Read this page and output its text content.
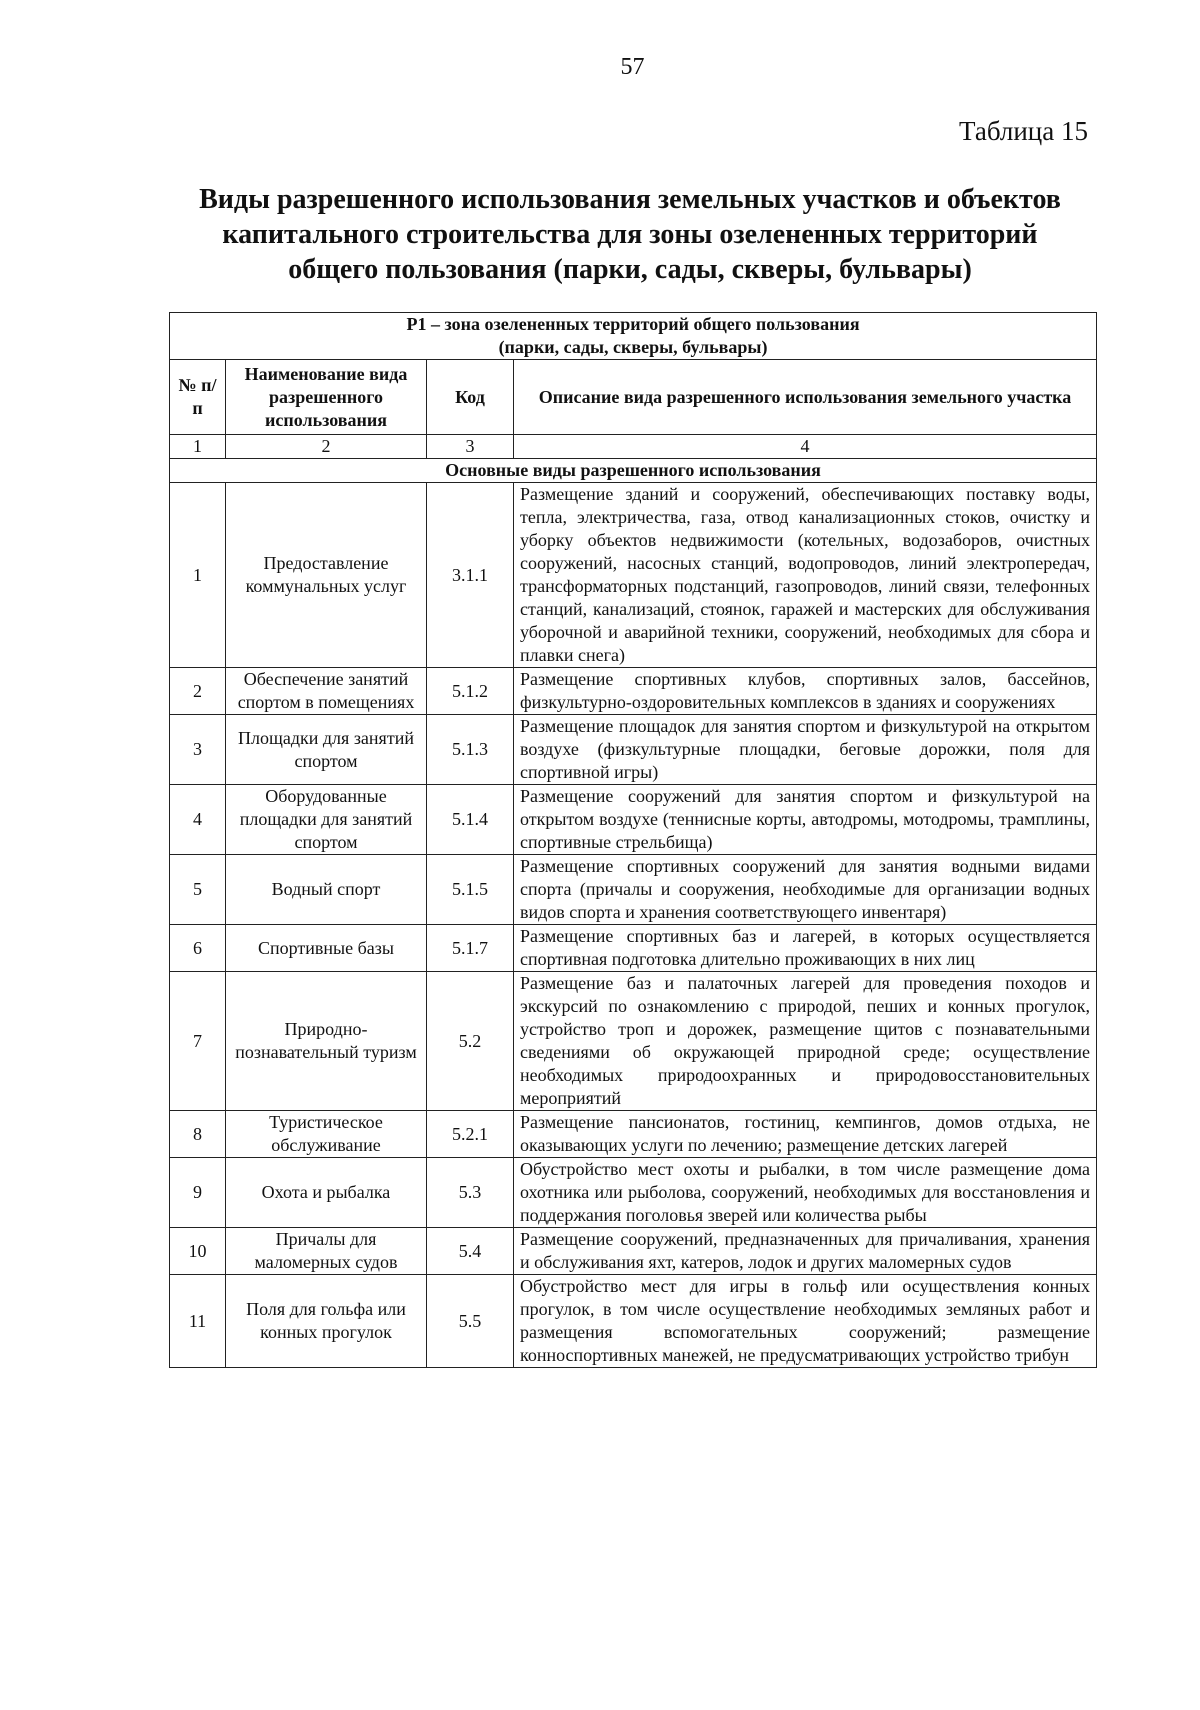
57
Таблица 15
Виды разрешенного использования земельных участков и объектов
капитального строительства для зоны озелененных территорий
общего пользования (парки, сады, скверы, бульвары)
Р1 – зона озелененных территорий общего пользования
(парки, сады, скверы, бульвары)			

№ п/п	Наименование вида разрешенного использования	Код	Описание вида разрешенного использования земельного участка
1	2	3	4
Основные виды разрешенного использования			
1	Предоставление коммунальных услуг	3.1.1	Размещение зданий и сооружений, обеспечивающих поставку воды, тепла, электричества, газа, отвод канализационных стоков, очистку и уборку объектов недвижимости (котельных, водозаборов, очистных сооружений, насосных станций, водопроводов, линий электропередач, трансформаторных подстанций, газопроводов, линий связи, телефонных станций, канализаций, стоянок, гаражей и мастерских для обслуживания уборочной и аварийной техники, сооружений, необходимых для сбора и плавки снега)
2	Обеспечение занятий спортом в помещениях	5.1.2	Размещение спортивных клубов, спортивных залов, бассейнов, физкультурно-оздоровительных комплексов в зданиях и сооружениях
3	Площадки для занятий спортом	5.1.3	Размещение площадок для занятия спортом и физкультурой на открытом воздухе (физкультурные площадки, беговые дорожки, поля для спортивной игры)
4	Оборудованные площадки для занятий спортом	5.1.4	Размещение сооружений для занятия спортом и физкультурой на открытом воздухе (теннисные корты, автодромы, мотодромы, трамплины, спортивные стрельбища)
5	Водный спорт	5.1.5	Размещение спортивных сооружений для занятия водными видами спорта (причалы и сооружения, необходимые для организации водных видов спорта и хранения соответствующего инвентаря)
6	Спортивные базы	5.1.7	Размещение спортивных баз и лагерей, в которых осуществляется спортивная подготовка длительно проживающих в них лиц
7	Природно-познавательный туризм	5.2	Размещение баз и палаточных лагерей для проведения походов и экскурсий по ознакомлению с природой, пеших и конных прогулок, устройство троп и дорожек, размещение щитов с познавательными сведениями об окружающей природной среде; осуществление необходимых природоохранных и природовосстановительных мероприятий
8	Туристическое обслуживание	5.2.1	Размещение пансионатов, гостиниц, кемпингов, домов отдыха, не оказывающих услуги по лечению; размещение детских лагерей
9	Охота и рыбалка	5.3	Обустройство мест охоты и рыбалки, в том числе размещение дома охотника или рыболова, сооружений, необходимых для восстановления и поддержания поголовья зверей или количества рыбы
10	Причалы для маломерных судов	5.4	Размещение сооружений, предназначенных для причаливания, хранения и обслуживания яхт, катеров, лодок и других маломерных судов
11	Поля для гольфа или конных прогулок	5.5	Обустройство мест для игры в гольф или осуществления конных прогулок, в том числе осуществление необходимых земляных работ и размещения вспомогательных сооружений; размещение конноспортивных манежей, не предусматривающих устройство трибун
